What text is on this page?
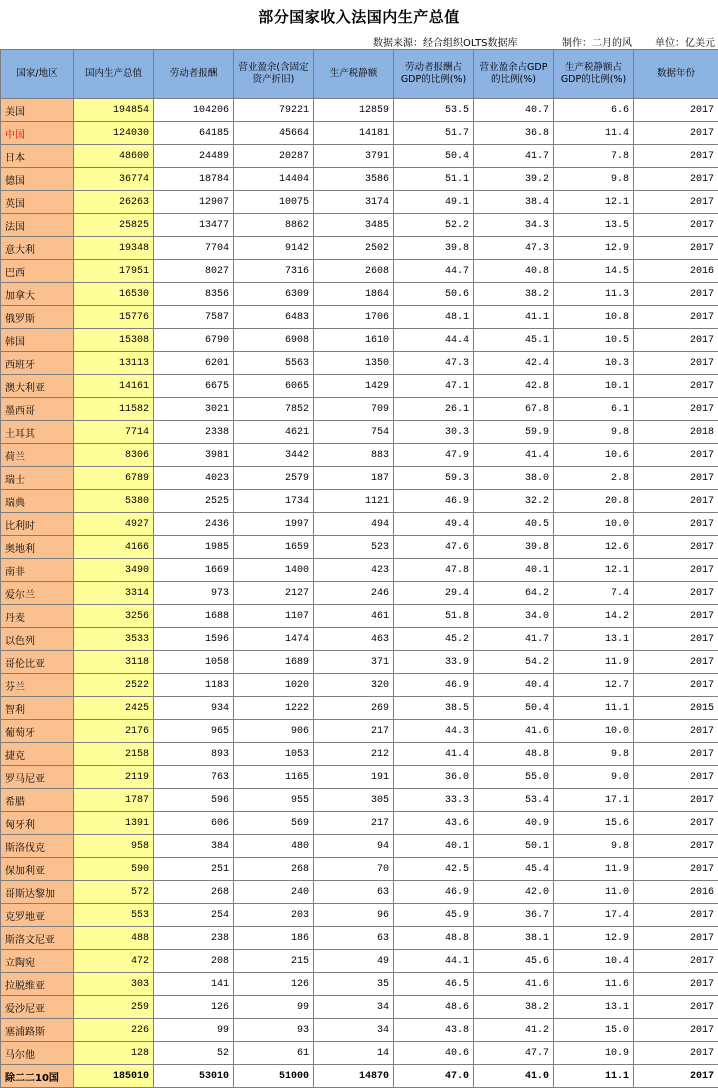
部分国家收入法国内生产总值
数据来源：经合组织OLTS数据库	制作：二月的风 单位：亿美元
国家/地区	国内生产总值	劳动者报酬	营业盈余(含固定资产折旧)	生产税静额	劳动者报酬占GDP的比例(%)	营业盈余占GDP的比例(%)	生产税静额占GDP的比例(%)	数据年份
美国	194854	104206	79221	12859	53.5	40.7	6.6	2017
中国	124030	64185	45664	14181	51.7	36.8	11.4	2017
日本	48600	24489	20287	3791	50.4	41.7	7.8	2017
德国	36774	18784	14404	3586	51.1	39.2	9.8	2017
英国	26263	12907	10075	3174	49.1	38.4	12.1	2017
法国	25825	13477	8862	3485	52.2	34.3	13.5	2017
意大利	19348	7704	9142	2502	39.8	47.3	12.9	2017
巴西	17951	8027	7316	2608	44.7	40.8	14.5	2016
加拿大	16530	8356	6309	1864	50.6	38.2	11.3	2017
俄罗斯	15776	7587	6483	1706	48.1	41.1	10.8	2017
韩国	15308	6790	6908	1610	44.4	45.1	10.5	2017
西班牙	13113	6201	5563	1350	47.3	42.4	10.3	2017
澳大利亚	14161	6675	6065	1429	47.1	42.8	10.1	2017
墨西哥	11582	3021	7852	709	26.1	67.8	6.1	2017
土耳其	7714	2338	4621	754	30.3	59.9	9.8	2018
荷兰	8306	3981	3442	883	47.9	41.4	10.6	2017
瑞士	6789	4023	2579	187	59.3	38.0	2.8	2017
瑞典	5380	2525	1734	1121	46.9	32.2	20.8	2017
比利时	4927	2436	1997	494	49.4	40.5	10.0	2017
奥地利	4166	1985	1659	523	47.6	39.8	12.6	2017
南非	3490	1669	1400	423	47.8	40.1	12.1	2017
爱尔兰	3314	973	2127	246	29.4	64.2	7.4	2017
丹麦	3256	1688	1107	461	51.8	34.0	14.2	2017
以色列	3533	1596	1474	463	45.2	41.7	13.1	2017
哥伦比亚	3118	1058	1689	371	33.9	54.2	11.9	2017
芬兰	2522	1183	1020	320	46.9	40.4	12.7	2017
智利	2425	934	1222	269	38.5	50.4	11.1	2015
葡萄牙	2176	965	906	217	44.3	41.6	10.0	2017
捷克	2158	893	1053	212	41.4	48.8	9.8	2017
罗马尼亚	2119	763	1165	191	36.0	55.0	9.0	2017
希腊	1787	596	955	305	33.3	53.4	17.1	2017
匈牙利	1391	606	569	217	43.6	40.9	15.6	2017
斯洛伐克	958	384	480	94	40.1	50.1	9.8	2017
保加利亚	590	251	268	70	42.5	45.4	11.9	2017
哥斯达黎加	572	268	240	63	46.9	42.0	11.0	2016
克罗地亚	553	254	203	96	45.9	36.7	17.4	2017
斯洛文尼亚	488	238	186	63	48.8	38.1	12.9	2017
立陶宛	472	208	215	49	44.1	45.6	10.4	2017
拉脱维亚	303	141	126	35	46.5	41.6	11.6	2017
爱沙尼亚	259	126	99	34	48.6	38.2	13.1	2017
塞浦路斯	226	99	93	34	43.8	41.2	15.0	2017
马尔他	128	52	61	14	40.6	47.7	10.9	2017
除二二10国	185010	53010	51000	14870	47.0	41.0	11.1	2017
